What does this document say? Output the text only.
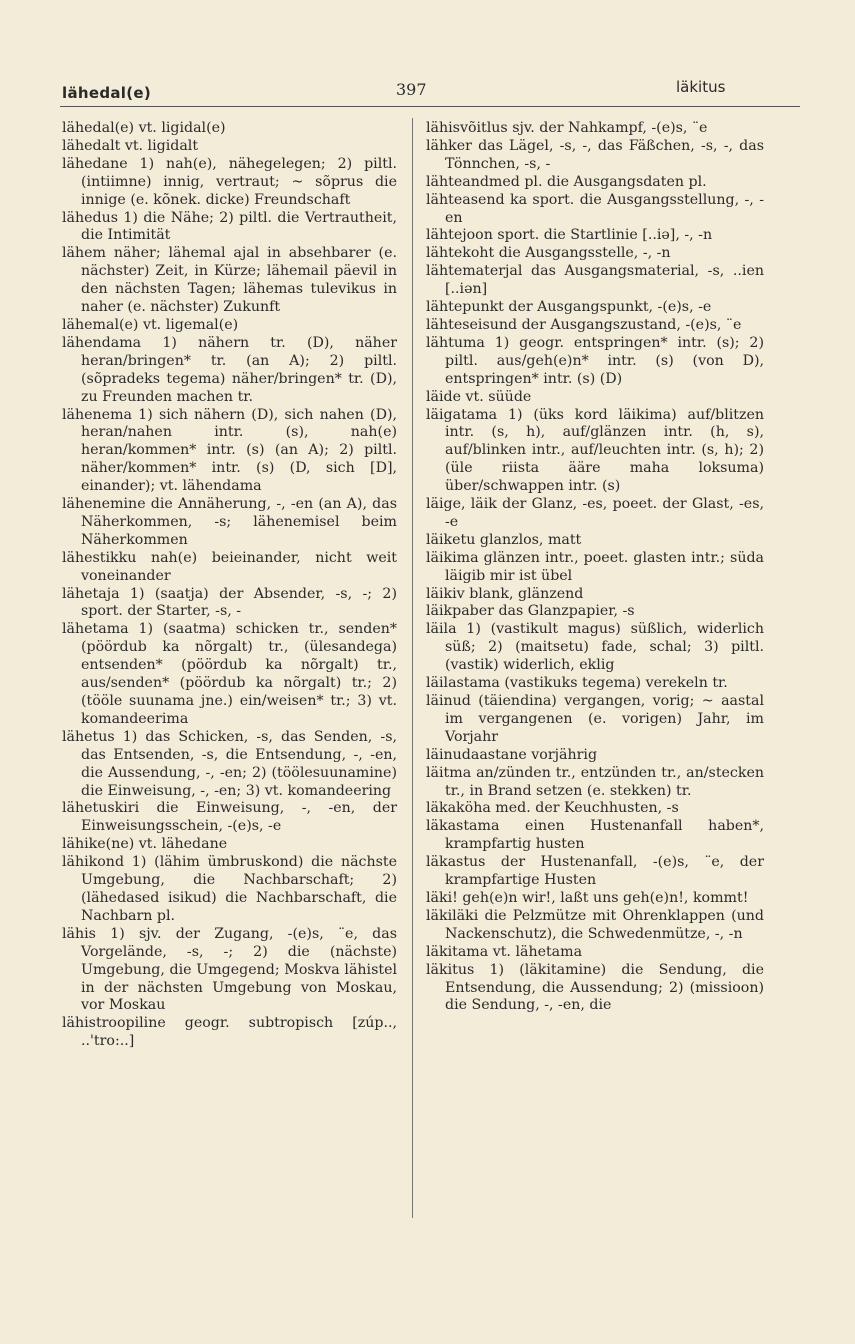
lähedal(e)	397	läkitus

lähedal(e) vt. ligidal(e)

lähedalt vt. ligidalt

lähedane 1) nah(e), nähegelegen; 2) piltl. (intiimne) innig, vertraut; ~ sõprus die innige (e. kõnek. dicke) Freundschaft

lähedus 1) die Nähe; 2) piltl. die Vertrautheit, die Intimität

lähem näher; lähemal ajal in absehbarer (e. nächster) Zeit, in Kürze; lähemail päevil in den nächsten Tagen; lähemas tulevikus in naher (e. nächster) Zukunft

lähemal(e) vt. ligemal(e)

lähendama 1) nähern tr. (D), näher heran/bringen* tr. (an A); 2) piltl. (sõpradeks tegema) näher/bringen* tr. (D), zu Freunden machen tr.

lähenema 1) sich nähern (D), sich nahen (D), heran/nahen intr. (s), nah(e) heran/kommen* intr. (s) (an A); 2) piltl. näher/kommen* intr. (s) (D, sich [D], einander); vt. lähendama

lähenemine die Annäherung, -, -en (an A), das Näherkommen, -s; lähenemisel beim Näherkommen

lähestikku nah(e) beieinander, nicht weit voneinander

lähetaja 1) (saatja) der Absender, -s, -; 2) sport. der Starter, -s, -

lähetama 1) (saatma) schicken tr., senden* (pöördub ka nõrgalt) tr., (ülesandega) entsenden* (pöördub ka nõrgalt) tr., aus/senden* (pöördub ka nõrgalt) tr.; 2) (tööle suunama jne.) ein/weisen* tr.; 3) vt. komandeerima

lähetus 1) das Schicken, -s, das Senden, -s, das Entsenden, -s, die Entsendung, -, -en, die Aussendung, -, -en; 2) (töölesuunamine) die Einweisung, -, -en; 3) vt. komandeering

lähetuskiri die Einweisung, -, -en, der Einweisungsschein, -(e)s, -e

lähike(ne) vt. lähedane

lähikond 1) (lähim ümbruskond) die nächste Umgebung, die Nachbarschaft; 2) (lähedased isikud) die Nachbarschaft, die Nachbarn pl.

lähis 1) sjv. der Zugang, -(e)s, ¨e, das Vorgelände, -s, -; 2) die (nächste) Umgebung, die Umgegend; Moskva lähistel in der nächsten Umgebung von Moskau, vor Moskau

lähistroopiline geogr. subtropisch [zúp.., ..'tro:..]

lähisvõitlus sjv. der Nahkampf, -(e)s, ¨e

lähker das Lägel, -s, -, das Fäßchen, -s, -, das Tönnchen, -s, -

lähteandmed pl. die Ausgangsdaten pl.

lähteasend ka sport. die Ausgangsstellung, -, -en

lähtejoon sport. die Startlinie [..iə], -, -n

lähtekoht die Ausgangsstelle, -, -n

lähtematerjal das Ausgangsmaterial, -s, ..ien [..iən]

lähtepunkt der Ausgangspunkt, -(e)s, -e

lähteseisund der Ausgangszustand, -(e)s, ¨e

lähtuma 1) geogr. entspringen* intr. (s); 2) piltl. aus/geh(e)n* intr. (s) (von D), entspringen* intr. (s) (D)

läide vt. süüde

läigatama 1) (üks kord läikima) auf/blitzen intr. (s, h), auf/glänzen intr. (h, s), auf/blinken intr., auf/leuchten intr. (s, h); 2) (üle riista ääre maha loksuma) über/schwappen intr. (s)

läige, läik der Glanz, -es, poeet. der Glast, -es, -e

läiketu glanzlos, matt

läikima glänzen intr., poeet. glasten intr.; süda läigib mir ist übel

läikiv blank, glänzend

läikpaber das Glanzpapier, -s

läila 1) (vastikult magus) süßlich, widerlich süß; 2) (maitsetu) fade, schal; 3) piltl. (vastik) widerlich, eklig

läilastama (vastikuks tegema) verekeln tr.

läinud (täiendina) vergangen, vorig; ~ aastal im vergangenen (e. vorigen) Jahr, im Vorjahr

läinudaastane vorjährig

läitma an/zünden tr., entzünden tr., an/stecken tr., in Brand setzen (e. stekken) tr.

läkaköha med. der Keuchhusten, -s

läkastama einen Hustenanfall haben*, krampfartig husten

läkastus der Hustenanfall, -(e)s, ¨e, der krampfartige Husten

läki! geh(e)n wir!, laßt uns geh(e)n!, kommt!

läkiläki die Pelzmütze mit Ohrenklappen (und Nackenschutz), die Schwedenmütze, -, -n

läkitama vt. lähetama

läkitus 1) (läkitamine) die Sendung, die Entsendung, die Aussendung; 2) (missioon) die Sendung, -, -en, die
